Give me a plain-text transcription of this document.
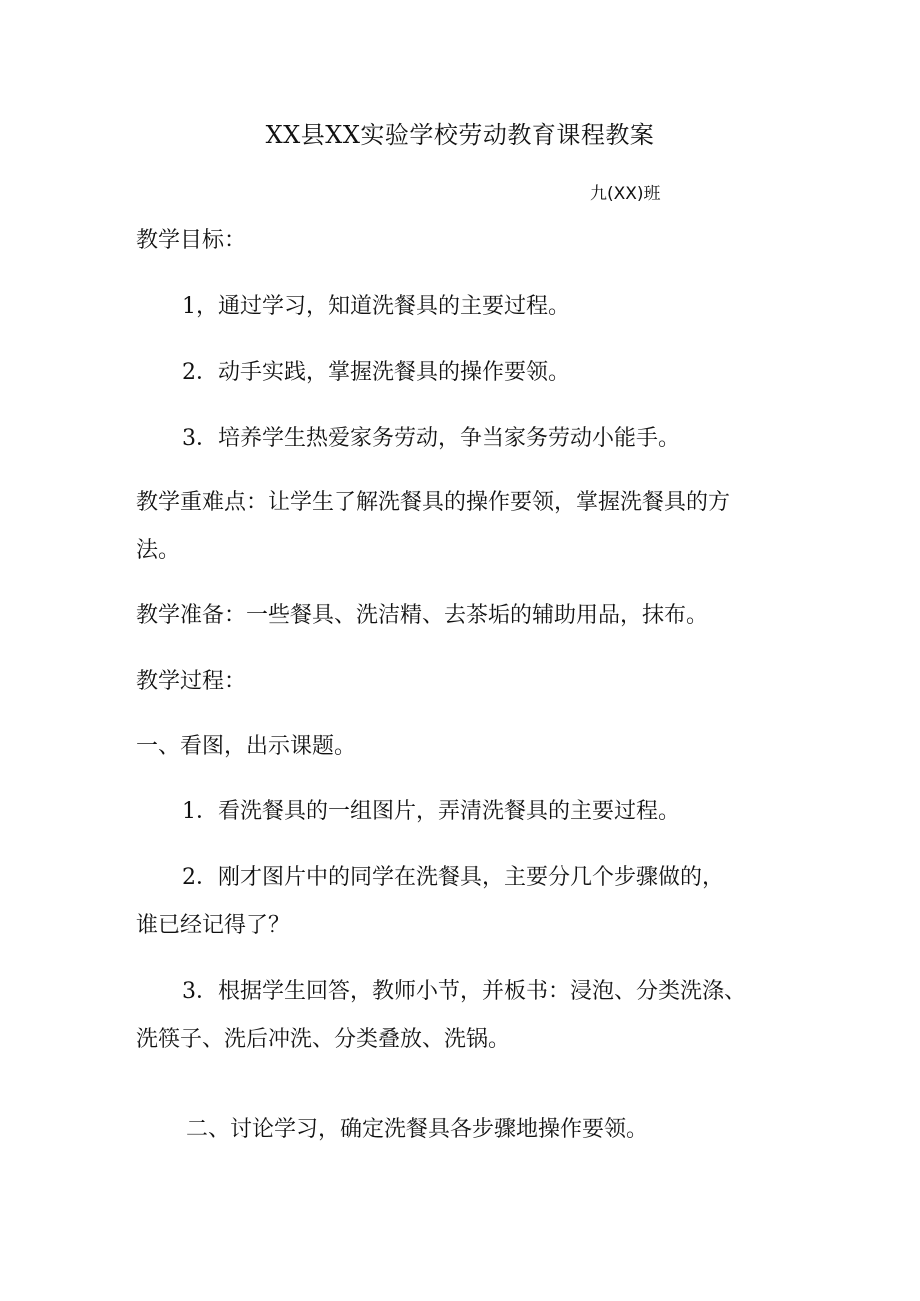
XX县XX实验学校劳动教育课程教案
九(XX)班
教学目标：
1，通过学习，知道洗餐具的主要过程。
2．动手实践，掌握洗餐具的操作要领。
3．培养学生热爱家务劳动，争当家务劳动小能手。
教学重难点：让学生了解洗餐具的操作要领，掌握洗餐具的方
法。
教学准备：一些餐具、洗洁精、去茶垢的辅助用品，抹布。
教学过程：
一、看图，出示课题。
1．看洗餐具的一组图片，弄清洗餐具的主要过程。
2．刚才图片中的同学在洗餐具，主要分几个步骤做的，
谁已经记得了？
3．根据学生回答，教师小节，并板书：浸泡、分类洗涤、
洗筷子、洗后冲洗、分类叠放、洗锅。
二、讨论学习，确定洗餐具各步骤地操作要领。
